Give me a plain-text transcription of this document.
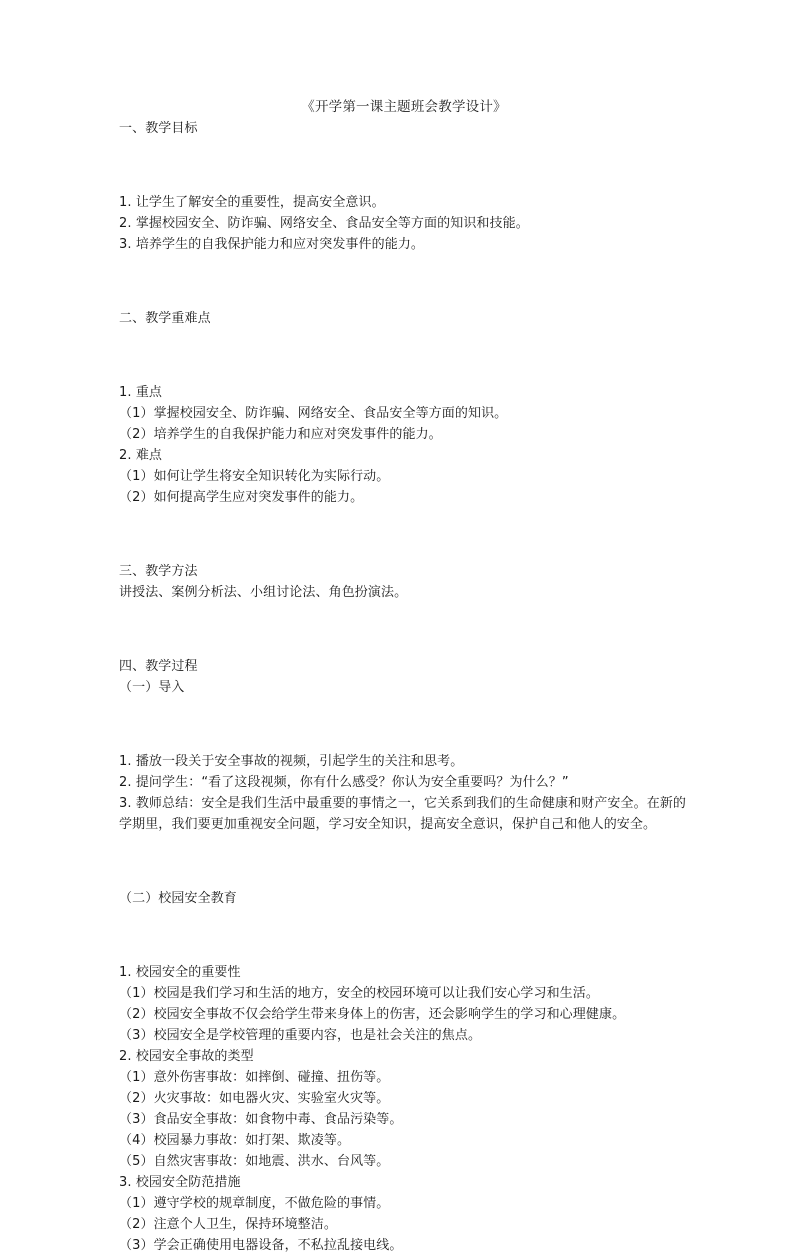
《开学第一课主题班会教学设计》

一、教学目标

1. 让学生了解安全的重要性，提高安全意识。

2. 掌握校园安全、防诈骗、网络安全、食品安全等方面的知识和技能。

3. 培养学生的自我保护能力和应对突发事件的能力。

二、教学重难点

1. 重点

（1）掌握校园安全、防诈骗、网络安全、食品安全等方面的知识。

（2）培养学生的自我保护能力和应对突发事件的能力。

2. 难点

（1）如何让学生将安全知识转化为实际行动。

（2）如何提高学生应对突发事件的能力。

三、教学方法

讲授法、案例分析法、小组讨论法、角色扮演法。

四、教学过程

（一）导入

1. 播放一段关于安全事故的视频，引起学生的关注和思考。

2. 提问学生：“看了这段视频，你有什么感受？你认为安全重要吗？为什么？”

3. 教师总结：安全是我们生活中最重要的事情之一，它关系到我们的生命健康和财产安全。在新的学期里，我们要更加重视安全问题，学习安全知识，提高安全意识，保护自己和他人的安全。

（二）校园安全教育

1. 校园安全的重要性

（1）校园是我们学习和生活的地方，安全的校园环境可以让我们安心学习和生活。

（2）校园安全事故不仅会给学生带来身体上的伤害，还会影响学生的学习和心理健康。

（3）校园安全是学校管理的重要内容，也是社会关注的焦点。

2. 校园安全事故的类型

（1）意外伤害事故：如摔倒、碰撞、扭伤等。

（2）火灾事故：如电器火灾、实验室火灾等。

（3）食品安全事故：如食物中毒、食品污染等。

（4）校园暴力事故：如打架、欺凌等。

（5）自然灾害事故：如地震、洪水、台风等。

3. 校园安全防范措施

（1）遵守学校的规章制度，不做危险的事情。

（2）注意个人卫生，保持环境整洁。

（3）学会正确使用电器设备，不私拉乱接电线。
